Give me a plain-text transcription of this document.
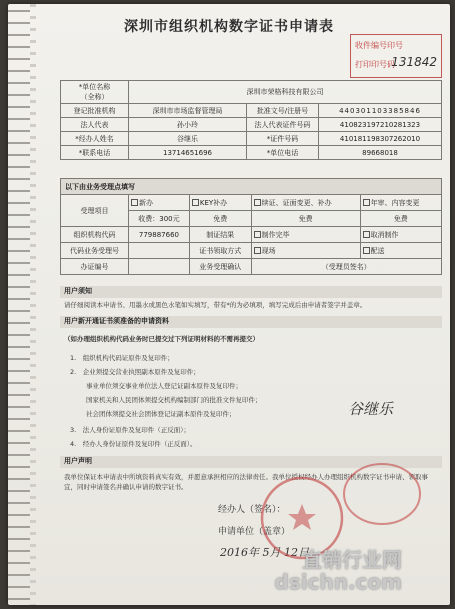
深圳市组织机构数字证书申请表
收件编号印号
打印印号码
131842
*单位名称
（全称）	深圳市荣格科技有限公司		
登记批准机构	深圳市市场监督管理局	批准文号/注册号	440301103385846
法人代表	孙小玲	法人代表证件号码	410823197210281323
*经办人姓名	谷继乐	*证件号码	410181198307262010
*联系电话	13714651696	*单位电话	89668018
以下由业务受理点填写				
受理项目	新办	KEY补办	续证、证面变更、补办	年审、内容变更
	收费：300元	免费	免费	免费
组织机构代码	779887660	制证结果	制作完毕	取消制作
代码业务受理号		证书领取方式	现场	配送
办证编号		业务受理确认	（受理员签名）	
用户须知
请仔细阅读本申请书、用墨水或黑色水笔如实填写，带有*的为必填项，填写完成后由申请者签字并盖章。
用户新开通证书须准备的申请资料
（如办理组织机构代码业务时已提交过下列证明材料的不需再提交）
1.　组织机构代码证原件及复印件；
2.　企业须提交营业执照副本原件及复印件；
事业单位须交事业单位法人登记证副本原件及复印件；
国家机关和人民团体须提交机构编制部门的批准文件复印件；
社会团体须提交社会团体登记证副本原件及复印件；
3.　法人身份证原件及复印件（正反面）；
4.　经办人身份证原件及复印件（正反面）。
谷继乐
用户声明
我单位保证本申请表中所填资料真实有效，并愿意承担相应的法律责任。我单位授权经办人办理组织机构数字证书申请、领取事宜，同时申请签名并确认申请的数字证书。
经办人（签名）：
申请单位（盖章）
2016年 5月 12日
直销行业网
dsichn.com
